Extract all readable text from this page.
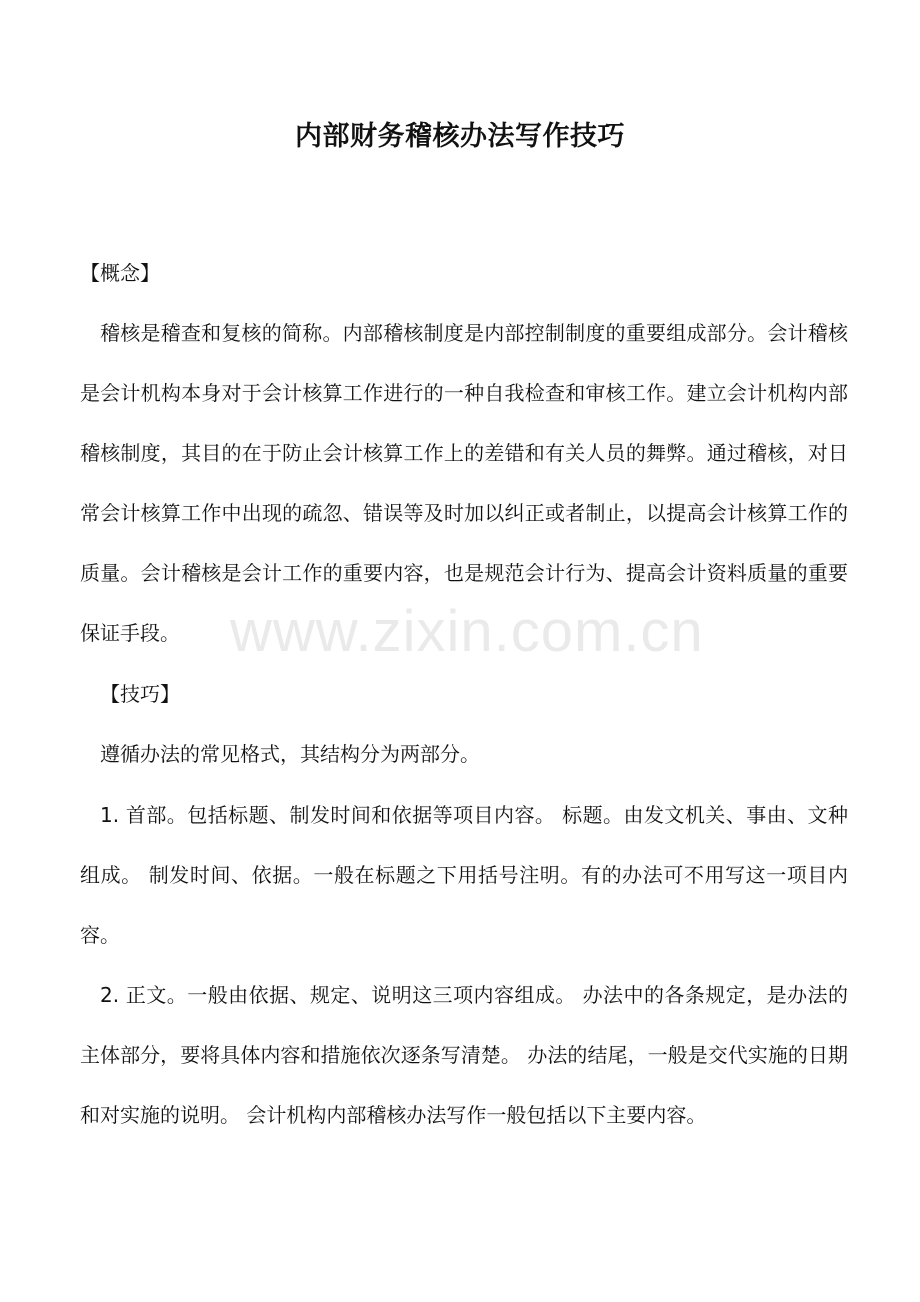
www.zixin.com.cn
内部财务稽核办法写作技巧
【概念】
稽核是稽查和复核的简称。内部稽核制度是内部控制制度的重要组成部分。会计稽核是会计机构本身对于会计核算工作进行的一种自我检查和审核工作。建立会计机构内部稽核制度，其目的在于防止会计核算工作上的差错和有关人员的舞弊。通过稽核，对日常会计核算工作中出现的疏忽、错误等及时加以纠正或者制止，以提高会计核算工作的质量。会计稽核是会计工作的重要内容，也是规范会计行为、提高会计资料质量的重要保证手段。
【技巧】
遵循办法的常见格式，其结构分为两部分。
1. 首部。包括标题、制发时间和依据等项目内容。 标题。由发文机关、事由、文种组成。 制发时间、依据。一般在标题之下用括号注明。有的办法可不用写这一项目内容。
2. 正文。一般由依据、规定、说明这三项内容组成。 办法中的各条规定，是办法的主体部分，要将具体内容和措施依次逐条写清楚。 办法的结尾，一般是交代实施的日期和对实施的说明。 会计机构内部稽核办法写作一般包括以下主要内容。
